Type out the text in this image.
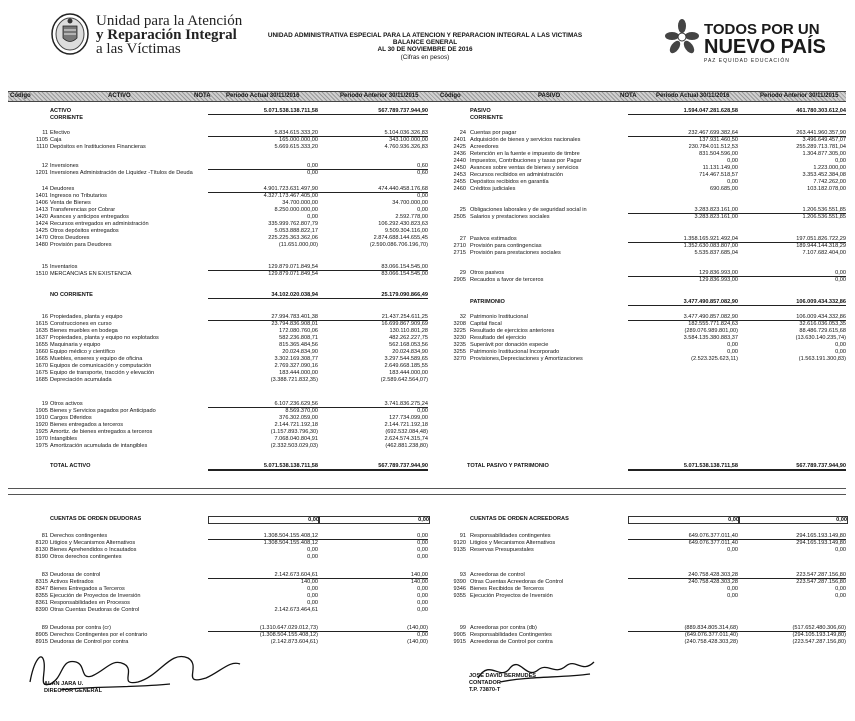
Unidad para la Atención
y Reparación Integral
a las Víctimas
UNIDAD ADMINISTRATIVA ESPECIAL PARA LA ATENCION Y REPARACION INTEGRAL A LAS VICTIMAS
BALANCE GENERAL
AL 30 DE NOVIEMBRE DE 2016
(Cifras en pesos)
TODOS POR UN
NUEVO PAÍS
PAZ EQUIDAD EDUCACIÓN
Código	ACTIVO	NOTA	Periodo Actual 30/11/2016	Periodo Anterior 30/11/2015	Código	PASIVO	NOTA	Periodo Actual 30/11/2016	Periodo Anterior 30/11/2015
ACTIVO	5.071.538.138.711,58	567.789.737.944,90
CORRIENTE
11 Efectivo	5.834.615.333,20	5.104.036.326,83
1105 Caja	165.000.000,00	343.100.000,00
1110 Depósitos en Instituciones Financieras	5.669.615.333,20	4.760.936.326,83
12 Inversiones	0,00	0,60
1201 Inversiones Administración de Liquidez -Títulos de Deuda	0,00	0,60
14 Deudores	4.901.723.631.497,90	474.440.458.176,68
1401 Ingresos no Tributarios	4.327.173.467.405,00	0,00
1406 Venta de Bienes	34.700.000,00	34.700.000,00
1413 Transferencias por Cobrar	8.250.000.000,00	0,00
1420 Avances y anticipos entregados	0,00	2.592.778,00
1424 Recursos entregados en administración	335.999.762.807,79	106.292.430.823,63
1425 Otros depósitos entregados	5.053.888.822,17	9.509.304.116,00
1470 Otros Deudores	225.225.363.362,06	2.874.688.144.655,45
1480 Provisión para Deudores	(11.651.000,00)	(2.590.086.706.196,70)
15 Inventarios	129.879.071.849,54	83.066.154.545,00
1510 MERCANCIAS EN EXISTENCIA	129.879.071.849,54	83.066.154.545,00
NO CORRIENTE	34.102.020.038,94	25.179.090.866,49
16 Propiedades, planta y equipo	27.994.783.401,38	21.437.254.611,25
1615 Construcciones en curso	23.794.836.908,01	16.699.867.909,69
1635 Bienes muebles en bodega	172.080.760,06	130.110.801,28
1637 Propiedades, planta y equipo no explotados	582.236.808,71	482.262.227,75
1655 Maquinaria y equipo	815.365.484,56	562.168.053,56
1660 Equipo médico y científico	20.024.834,90	20.024.834,90
1665 Muebles, enseres y equipo de oficina	3.302.169.308,77	3.297.544.589,65
1670 Equipos de comunicación y computación	2.769.327.090,16	2.649.668.185,55
1675 Equipo de transporte, tracción y elevación	183.444.000,00	183.444.000,00
1685 Depreciación acumulada	(3.388.721.832,35)	(2.589.642.564,07)
19 Otros activos	6.107.236.629,56	3.741.836.275,24
1905 Bienes y Servicios pagados por Anticipado	8.569.370,00	0,00
1910 Cargos Diferidos	376.302.059,00	127.734.099,00
1920 Bienes entregados a terceros	2.144.721.192,18	2.144.721.192,18
1925 Amortiz. de bienes entregados a terceros	(1.157.893.796,30)	(692.532.084,48)
1970 Intangibles	7.068.040.804,91	2.624.574.315,74
1975 Amortización acumulada de intangibles	(2.332.503.029,03)	(462.881.238,80)
PASIVO	1.594.047.281.628,58	461.780.303.612,04
CORRIENTE
24 Cuentas por pagar	232.467.699.382,64	263.441.960.357,90
2401 Adquisición de bienes y servicios nacionales	137.931.460,50	3.496.649.457,07
2425 Acreedores	230.784.011.512,53	255.289.713.781,04
2436 Retención en la fuente e impuesto de timbre	831.504.596,00	1.304.877.305,00
2440 Impuestos, Contribuciones y tasas por Pagar	0,00	0,00
2450 Avances sobre ventas de bienes y servicios	11.131.149,00	1.223.000,00
2453 Recursos recibidos en administración	714.467.518,57	3.353.452.384,08
2455 Depósitos recibidos en garantía	0,00	7.742.262,00
2460 Créditos judiciales	690.685,00	103.182.078,00
25 Obligaciones laborales y de seguridad social in	3.283.823.161,00	1.206.536.551,85
2505 Salarios y prestaciones sociales	3.283.823.161,00	1.206.536.551,85
27 Pasivos estimados	1.358.165.921.492,04	197.051.826.722,29
2710 Provisión para contingencias	1.352.630.083.807,00	189.944.144.318,29
2715 Provisión para prestaciones sociales	5.535.837.685,04	7.107.682.404,00
29 Otros pasivos	129.836.993,00	0,00
2905 Recaudos a favor de terceros	129.836.993,00	0,00
PATRIMONIO	3.477.490.857.082,90	106.009.434.332,86
32 Patrimonio Institucional	3.477.490.857.082,90	106.009.434.332,86
3208 Capital fiscal	182.555.771.824,63	32.616.036.053,35
3225 Resultado de ejercicios anteriores	(289.076.989.801,00)	88.486.729.615,68
3230 Resultado del ejercicio	3.584.135.380.883,37	(13.630.140.235,74)
3235 Superávit por donación especie	0,00	0,00
3255 Patrimonio Institucional Incorporado	0,00	0,00
3270 Provisiones,Depreciaciones y Amortizaciones	(2.523.325.623,11)	(1.563.191.300,83)
TOTAL ACTIVO	5.071.538.138.711,58	567.789.737.944,90	TOTAL PASIVO Y PATRIMONIO	5.071.538.138.711,58	567.789.737.944,90
CUENTAS DE ORDEN DEUDORAS	0,00	0,00
81 Derechos contingentes	1.308.504.155.408,12	0,00
8120 Litigios y Mecanismos Alternativos	1.308.504.155.408,12	0,00
8130 Bienes Aprehendidos o Incautados	0,00	0,00
8190 Otros derechos contingentes	0,00	0,00
83 Deudoras de control	2.142.673.604,61	140,00
8315 Activos Retirados	140,00	140,00
8347 Bienes Entregados a Terceros	0,00	0,00
8355 Ejecución de Proyectos de Inversión	0,00	0,00
8361 Responsabilidades en Procesos	0,00	0,00
8390 Otras Cuentas Deudoras de Control	2.142.673.464,61	0,00
89 Deudoras por contra (cr)	(1.310.647.029.012,73)	(140,00)
8905 Derechos Contingentes por el contrario	(1.308.504.155.408,12)	0,00
8915 Deudoras de Control por contra	(2.142.873.604,61)	(140,00)
CUENTAS DE ORDEN ACREEDORAS	0,00	0,00
91 Responsabilidades contingentes	649.076.377.011,40	294.165.193.149,80
9120 Litigios y Mecanismos Alternativos	649.076.377.011,40	294.165.193.149,80
9135 Reservas Presupuestales	0,00	0,00
93 Acreedoras de control	240.758.428.303,28	223.547.287.156,80
9390 Otras Cuentas Acreedoras de Control	240.758.428.303,28	223.547.287.156,80
9346 Bienes Recibidos de Terceros	0,00	0,00
9355 Ejecución Proyectos de Inversión	0,00	0,00
99 Acreedoras por contra (db)	(889.834.805.314,68)	(517.652.480.306,60)
9905 Responsabilidades Contingentes	(649.076.377.011,40)	(294.105.193.149,80)
9915 Acreedoras de Control por contra	(240.758.428.303,28)	(223.547.287.156,80)
ALAN JARA U.
DIRECTOR GENERAL
JOSE DAVID BERMUDES
CONTADOR
T.P. 73870-T
